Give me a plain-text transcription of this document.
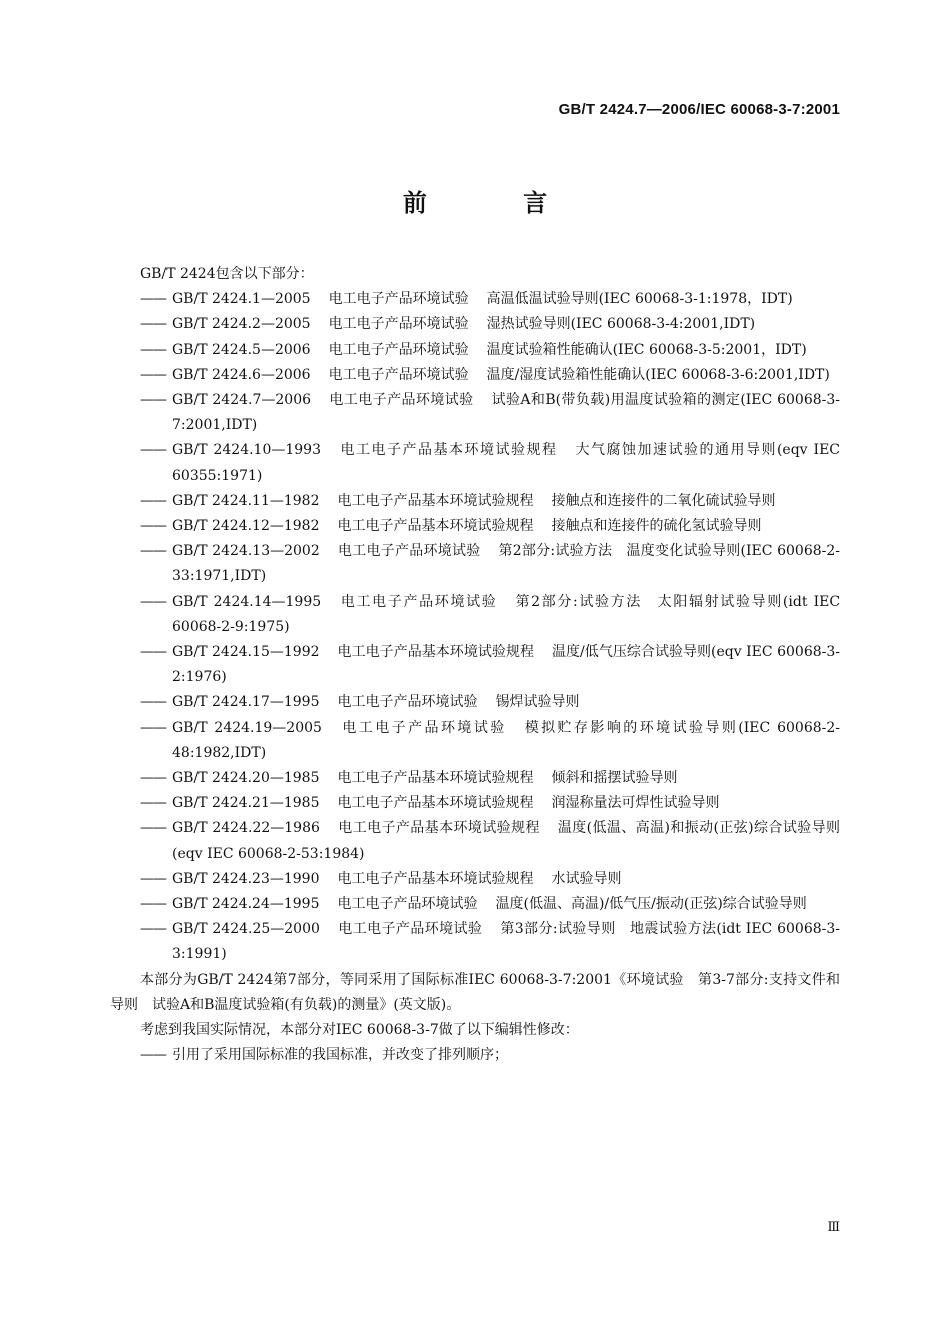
GB/T 2424.7—2006/IEC 60068-3-7:2001
前 言

GB/T 2424包含以下部分：

—— GB/T 2424.1—2005 电工电子产品环境试验 高温低温试验导则(IEC 60068-3-1:1978，IDT)
—— GB/T 2424.2—2005 电工电子产品环境试验 湿热试验导则(IEC 60068-3-4:2001,IDT)
—— GB/T 2424.5—2006 电工电子产品环境试验 温度试验箱性能确认(IEC 60068-3-5:2001，IDT)
—— GB/T 2424.6—2006 电工电子产品环境试验 温度/湿度试验箱性能确认(IEC 60068-3-6:2001,IDT)
—— GB/T 2424.7—2006 电工电子产品环境试验 试验A和B(带负载)用温度试验箱的测定(IEC 60068-3-7:2001,IDT)
—— GB/T 2424.10—1993 电工电子产品基本环境试验规程 大气腐蚀加速试验的通用导则(eqv IEC 60355:1971)
—— GB/T 2424.11—1982 电工电子产品基本环境试验规程 接触点和连接件的二氧化硫试验导则
—— GB/T 2424.12—1982 电工电子产品基本环境试验规程 接触点和连接件的硫化氢试验导则
—— GB/T 2424.13—2002 电工电子产品环境试验 第2部分:试验方法　温度变化试验导则(IEC 60068-2-33:1971,IDT)
—— GB/T 2424.14—1995 电工电子产品环境试验 第2部分:试验方法　太阳辐射试验导则(idt IEC 60068-2-9:1975)
—— GB/T 2424.15—1992 电工电子产品基本环境试验规程 温度/低气压综合试验导则(eqv IEC 60068-3-2:1976)
—— GB/T 2424.17—1995 电工电子产品环境试验 锡焊试验导则
—— GB/T 2424.19—2005 电工电子产品环境试验 模拟贮存影响的环境试验导则(IEC 60068-2-48:1982,IDT)
—— GB/T 2424.20—1985 电工电子产品基本环境试验规程 倾斜和摇摆试验导则
—— GB/T 2424.21—1985 电工电子产品基本环境试验规程 润湿称量法可焊性试验导则
—— GB/T 2424.22—1986 电工电子产品基本环境试验规程 温度(低温、高温)和振动(正弦)综合试验导则(eqv IEC 60068-2-53:1984)
—— GB/T 2424.23—1990 电工电子产品基本环境试验规程 水试验导则
—— GB/T 2424.24—1995 电工电子产品环境试验 温度(低温、高温)/低气压/振动(正弦)综合试验导则
—— GB/T 2424.25—2000 电工电子产品环境试验 第3部分:试验导则　地震试验方法(idt IEC 60068-3-3:1991)

本部分为GB/T 2424第7部分，等同采用了国际标准IEC 60068-3-7:2001《环境试验　第3-7部分:支持文件和导则　试验A和B温度试验箱(有负载)的测量》(英文版)。

考虑到我国实际情况，本部分对IEC 60068-3-7做了以下编辑性修改：

—— 引用了采用国际标准的我国标准，并改变了排列顺序；
Ⅲ
